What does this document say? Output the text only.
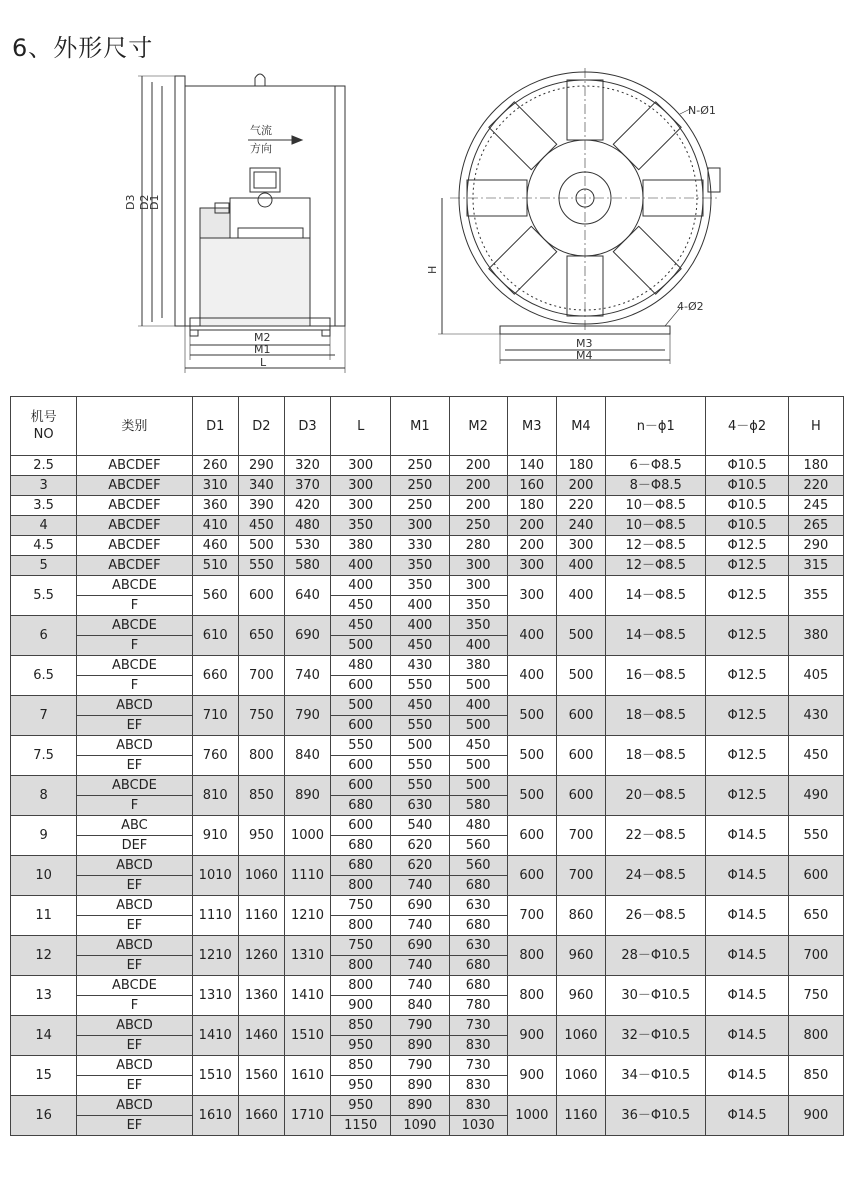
6、外形尺寸
气流
方向
D3 D2
D1
M2
M1
L
N-Ø1
4-Ø2
H
M3
M4
机号
NO	类别	D1	D2	D3	L	M1	M2	M3	M4	n－ϕ1	4－ϕ2	H
2.5	ABCDEF	260	290	320	300	250	200	140	180	6－Φ8.5	Φ10.5	180
3	ABCDEF	310	340	370	300	250	200	160	200	8－Φ8.5	Φ10.5	220
3.5	ABCDEF	360	390	420	300	250	200	180	220	10－Φ8.5	Φ10.5	245
4	ABCDEF	410	450	480	350	300	250	200	240	10－Φ8.5	Φ10.5	265
4.5	ABCDEF	460	500	530	380	330	280	200	300	12－Φ8.5	Φ12.5	290
5	ABCDEF	510	550	580	400	350	300	300	400	12－Φ8.5	Φ12.5	315
5.5	ABCDE	560	600	640	400	350	300	300	400	14－Φ8.5	Φ12.5	355
	F				450	400	350					
6	ABCDE	610	650	690	450	400	350	400	500	14－Φ8.5	Φ12.5	380
	F				500	450	400					
6.5	ABCDE	660	700	740	480	430	380	400	500	16－Φ8.5	Φ12.5	405
	F				600	550	500					
7	ABCD	710	750	790	500	450	400	500	600	18－Φ8.5	Φ12.5	430
	EF				600	550	500					
7.5	ABCD	760	800	840	550	500	450	500	600	18－Φ8.5	Φ12.5	450
	EF				600	550	500					
8	ABCDE	810	850	890	600	550	500	500	600	20－Φ8.5	Φ12.5	490
	F				680	630	580					
9	ABC	910	950	1000	600	540	480	600	700	22－Φ8.5	Φ14.5	550
	DEF				680	620	560					
10	ABCD	1010	1060	1110	680	620	560	600	700	24－Φ8.5	Φ14.5	600
	EF				800	740	680					
11	ABCD	1110	1160	1210	750	690	630	700	860	26－Φ8.5	Φ14.5	650
	EF				800	740	680					
12	ABCD	1210	1260	1310	750	690	630	800	960	28－Φ10.5	Φ14.5	700
	EF				800	740	680					
13	ABCDE	1310	1360	1410	800	740	680	800	960	30－Φ10.5	Φ14.5	750
	F				900	840	780					
14	ABCD	1410	1460	1510	850	790	730	900	1060	32－Φ10.5	Φ14.5	800
	EF				950	890	830					
15	ABCD	1510	1560	1610	850	790	730	900	1060	34－Φ10.5	Φ14.5	850
	EF				950	890	830					
16	ABCD	1610	1660	1710	950	890	830	1000	1160	36－Φ10.5	Φ14.5	900
	EF				1150	1090	1030					
